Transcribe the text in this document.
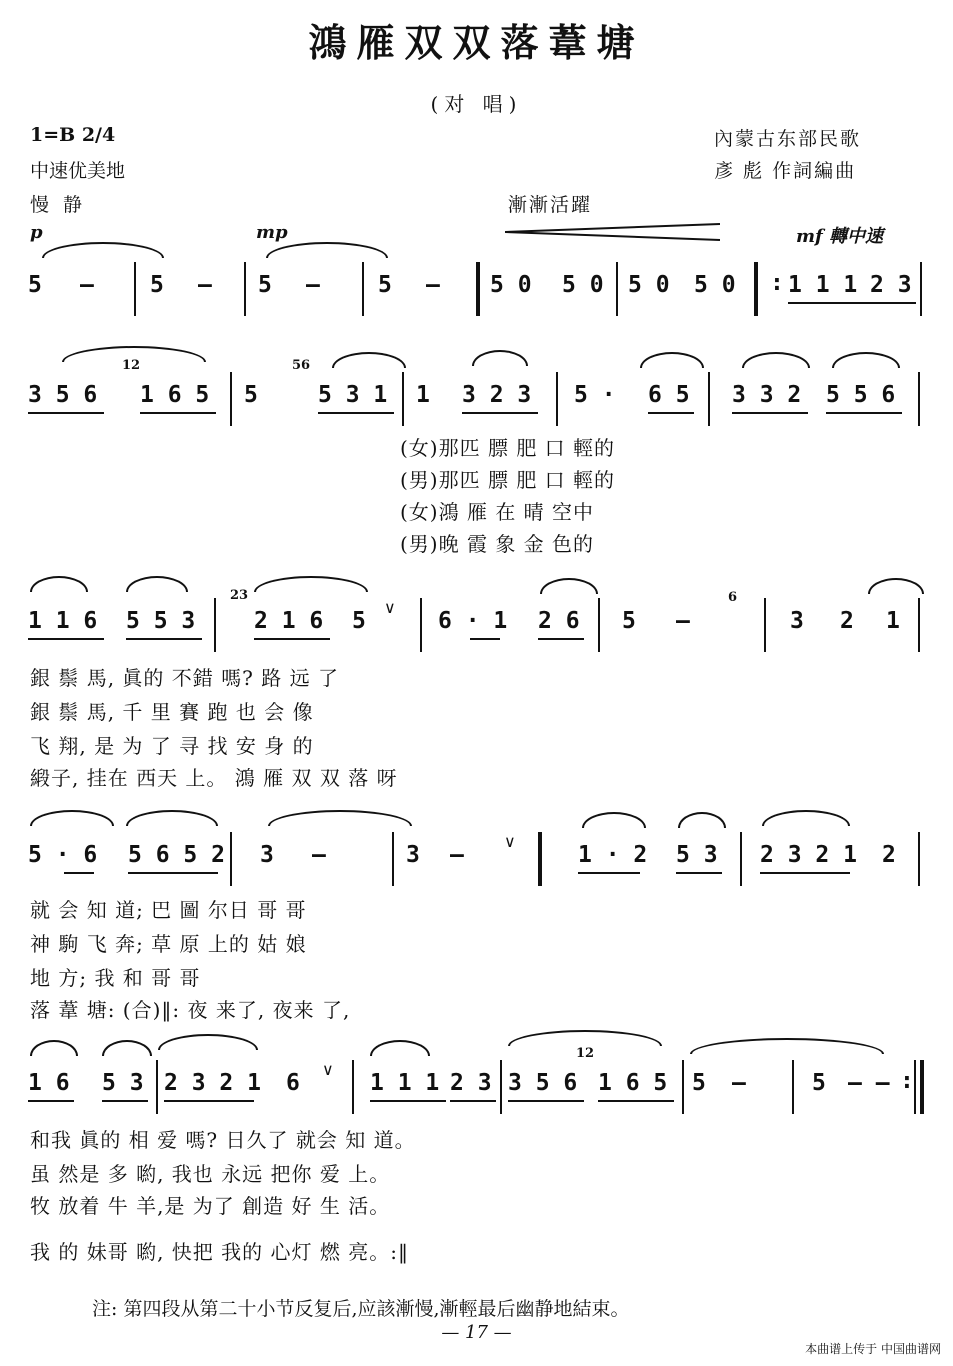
鴻雁双双落葦塘
(对 唱)
1=B 2/4
中速优美地
內蒙古东部民歌
彥 彪 作詞編曲
慢 静	漸漸活躍
p	mp	mf 轉中速
5 — 5 — 5 —	5 — 5 0 5 0 5 0 5 0 : 1 1 1 2 3
12	56
3 5 6 1 6 5 5	5 3 1 1 3 2 3 5 · 6 5 3 3 2 5 5 6
(女)那匹 膘 肥 口 輕的
(男)那匹 膘 肥 口 輕的
(女)鴻 雁 在 晴 空中
(男)晚 霞 象 金 色的
23	6
1 1 6 5 5 3	2 1 6 5
∨
6 · 1 2 6 5 —	3 2 1
銀 鬃 馬, 眞的 不錯 嗎? 路 远 了
銀 鬃 馬, 千 里 賽 跑 也 会 像
飞 翔, 是 为 了 寻 找 安 身 的
緞子, 挂在 西天 上。 鴻 雁 双 双 落 呀
5 · 6 5 6 5 2 3 —	3 —
∨
1 · 2 5 3 2 3 2 1 2
就 会 知 道; 巴 圖 尔日 哥 哥
神 駒 飞 奔; 草 原 上的 姑 娘
地 方; 我 和 哥 哥
落 葦 塘: (合)‖: 夜 来了, 夜来 了,
12
1 6 5 3 2 3 2 1 6
∨
1 1 1 2 3 3 5 6 1 6 5 5 —	5 — — :
和我 眞的 相 爱 嗎? 日久了 就会 知 道。
虽 然是 多 喲, 我也 永远 把你 爱 上。
牧 放着 牛 羊,是 为了 創造 好 生 活。
我 的 妹哥 喲, 快把 我的 心灯 燃 亮。:‖
注: 第四段从第二十小节反复后,应該漸慢,漸輕最后幽静地結束。
— 17 —
本曲谱上传于 中国曲谱网
